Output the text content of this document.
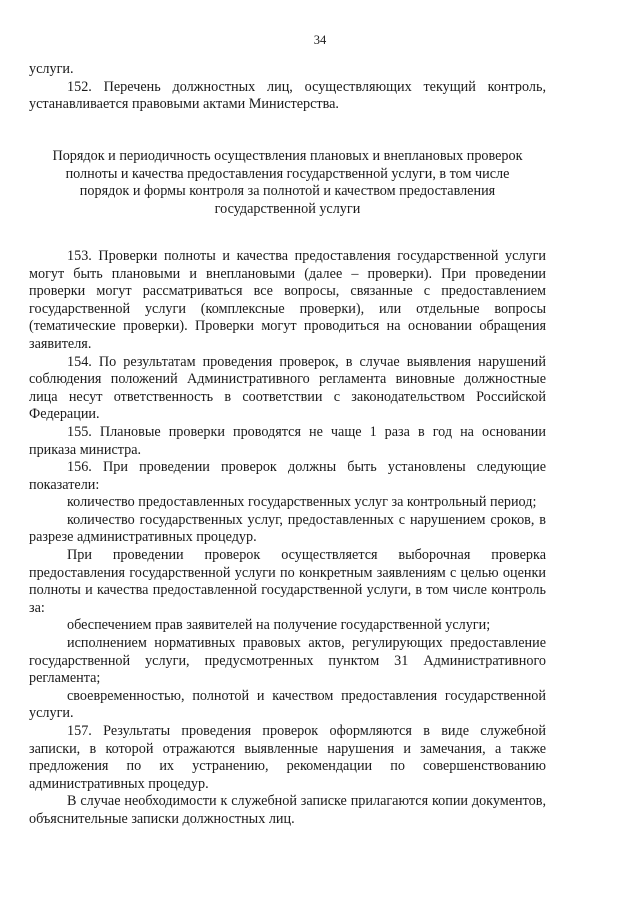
34

услуги.

152. Перечень должностных лиц, осуществляющих текущий контроль, устанавливается правовыми актами Министерства.

Порядок и периодичность осуществления плановых и внеплановых проверок
полноты и качества предоставления государственной услуги, в том числе
порядок и формы контроля за полнотой и качеством предоставления
государственной услуги

153. Проверки полноты и качества предоставления государственной услуги могут быть плановыми и внеплановыми (далее – проверки). При проведении проверки могут рассматриваться все вопросы, связанные с предоставлением государственной услуги (комплексные проверки), или отдельные вопросы (тематические проверки). Проверки могут проводиться на основании обращения заявителя.

154. По результатам проведения проверок, в случае выявления нарушений соблюдения положений Административного регламента виновные должностные лица несут ответственность в соответствии с законодательством Российской Федерации.

155. Плановые проверки проводятся не чаще 1 раза в год на основании приказа министра.

156. При проведении проверок должны быть установлены следующие показатели:

количество предоставленных государственных услуг за контрольный период;

количество государственных услуг, предоставленных с нарушением сроков, в разрезе административных процедур.

При проведении проверок осуществляется выборочная проверка предоставления государственной услуги по конкретным заявлениям с целью оценки полноты и качества предоставленной государственной услуги, в том числе контроль за:

обеспечением прав заявителей на получение государственной услуги;

исполнением нормативных правовых актов, регулирующих предоставление государственной услуги, предусмотренных пунктом 31 Административного регламента;

своевременностью, полнотой и качеством предоставления государственной услуги.

157. Результаты проведения проверок оформляются в виде служебной записки, в которой отражаются выявленные нарушения и замечания, а также предложения по их устранению, рекомендации по совершенствованию административных процедур.

В случае необходимости к служебной записке прилагаются копии документов, объяснительные записки должностных лиц.
